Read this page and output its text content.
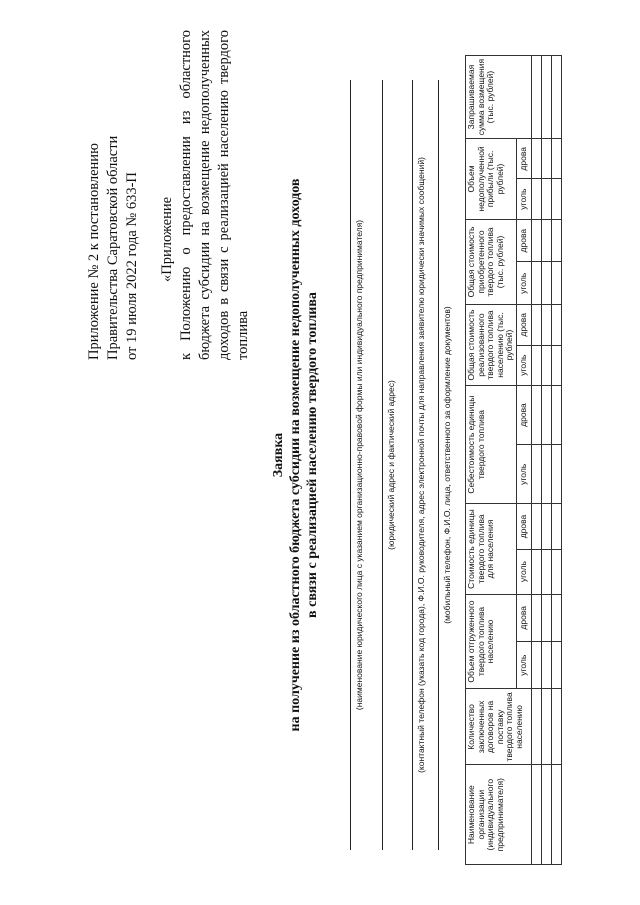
Приложение № 2 к постановлению Правительства Саратовской области от 19 июля 2022 года № 633-П «Приложение к Положению о предоставлении из областного бюджета субсидии на возмещение недополученных доходов в связи с реализацией населению твердого топлива
Заявка на получение из областного бюджета субсидии на возмещение недополученных доходов в связи с реализацией населению твердого топлива	(наименование юридического лица с указанием организационно-правовой формы или индивидуального предпринимателя)	(юридический адрес и фактический адрес) (контактный телефон (указать код города), Ф.И.О. руководителя, адрес электронной почты для направления заявителю юридически значимых сообщений) (мобильный телефон, Ф.И.О. лица, ответственного за оформление документов)
Наименование организации (индивидуального предпринимателя)	Количество заключенных договоров на поставку твердого топлива населению	Объем отгруженного твердого топлива населению		Стоимость единицы твердого топлива для населения		Себестоимость единицы твердого топлива		Общая стоимость реализованного твердого топлива населению (тыс. рублей)		Общая стоимость приобретенного твердого топлива (тыс. рублей)		Объем недополученной прибыли (тыс. рублей)		Запрашиваемая сумма возмещения (тыс. рублей)
		уголь	дрова	уголь	дрова	уголь	дрова	уголь	дрова	уголь	дрова	уголь	дрова	
